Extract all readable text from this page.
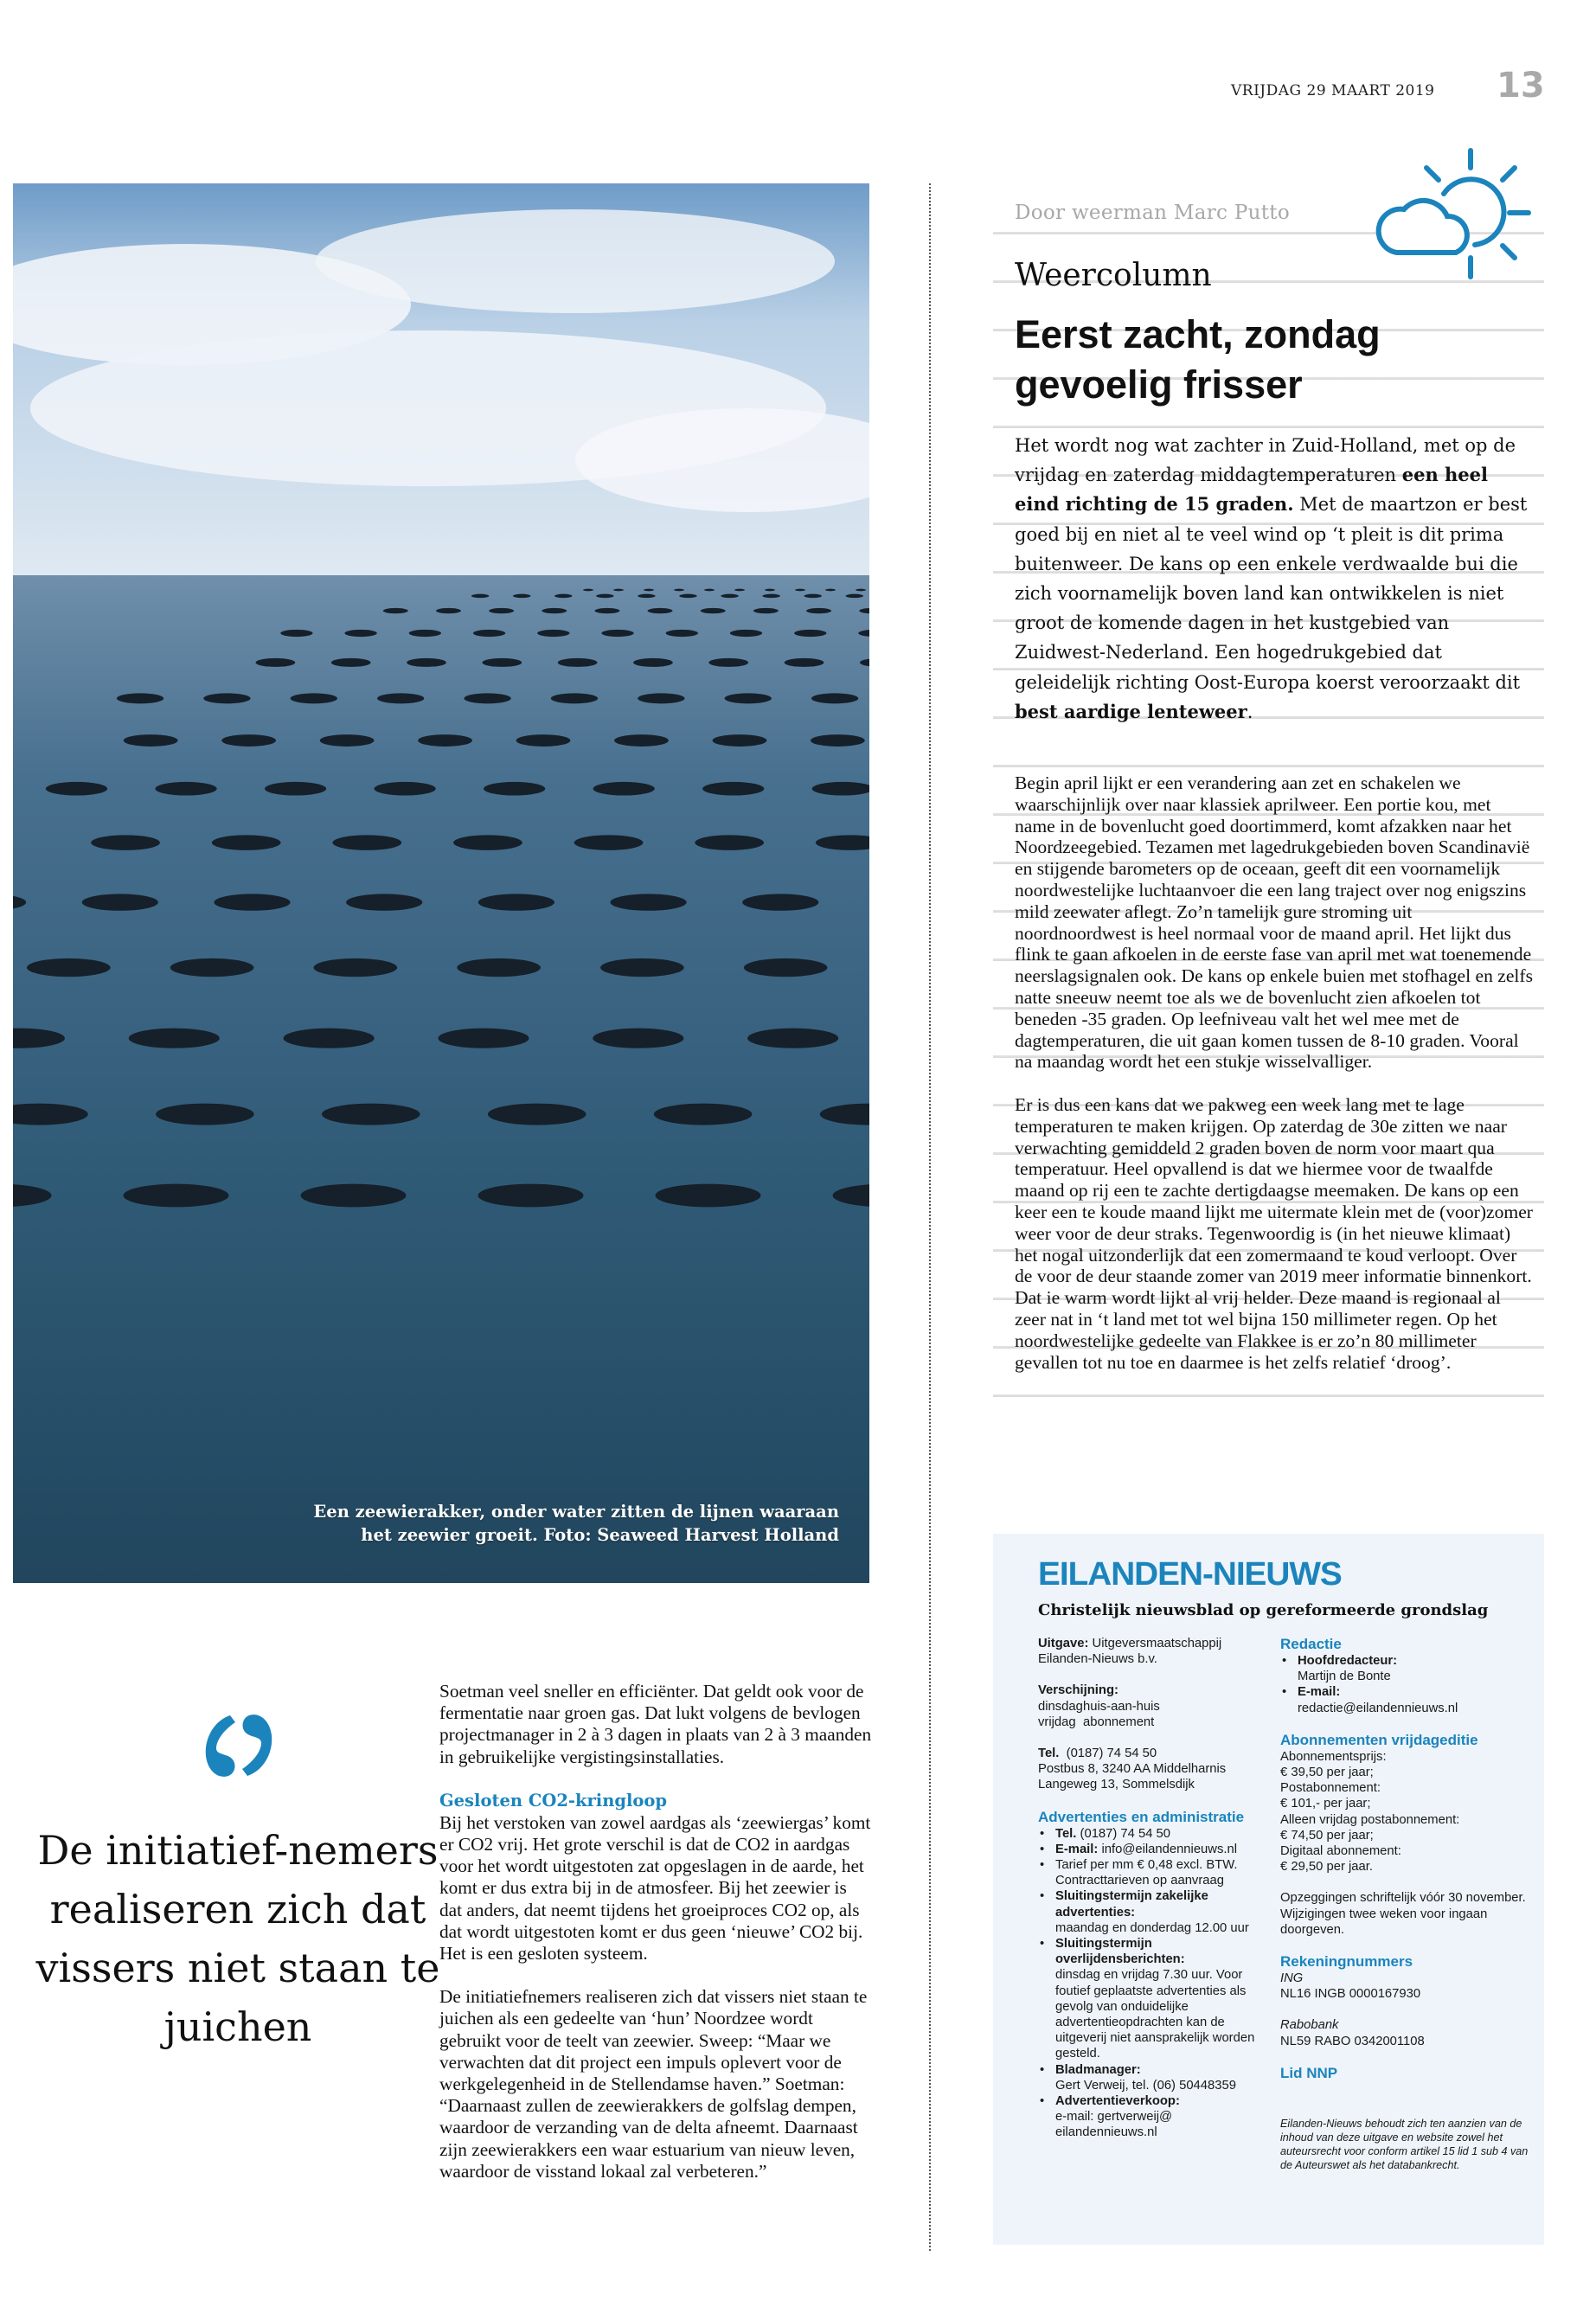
VRIJDAG 29 MAART 2019 13
Een zeewierakker, onder water zitten de lijnen waaraan
het zeewier groeit. Foto: Seaweed Harvest Holland
Door weerman Marc Putto
Weercolumn
Eerst zacht, zondag gevoelig frisser
Het wordt nog wat zachter in Zuid-Holland, met op de vrijdag en zaterdag middagtemperaturen een heel eind richting de 15 graden. Met de maartzon er best goed bij en niet al te veel wind op ‘t pleit is dit prima buitenweer. De kans op een enkele verdwaalde bui die zich voornamelijk boven land kan ontwikkelen is niet groot de komende dagen in het kustgebied van Zuidwest-Nederland. Een hogedrukgebied dat geleidelijk richting Oost-Europa koerst veroorzaakt dit best aardige lenteweer.
Begin april lijkt er een verandering aan zet en schakelen we waarschijnlijk over naar klassiek aprilweer. Een portie kou, met name in de bovenlucht goed doortimmerd, komt afzakken naar het Noordzeegebied. Tezamen met lagedrukgebieden boven Scandinavië en stijgende barometers op de oceaan, geeft dit een voornamelijk noordwestelijke luchtaanvoer die een lang traject over nog enigszins mild zeewater aflegt. Zo’n tamelijk gure stroming uit noordnoordwest is heel normaal voor de maand april. Het lijkt dus flink te gaan afkoelen in de eerste fase van april met wat toenemende neerslagsignalen ook. De kans op enkele buien met stofhagel en zelfs natte sneeuw neemt toe als we de bovenlucht zien afkoelen tot beneden -35 graden. Op leefniveau valt het wel mee met de dagtemperaturen, die uit gaan komen tussen de 8-10 graden. Vooral na maandag wordt het een stukje wisselvalliger.
Er is dus een kans dat we pakweg een week lang met te lage temperaturen te maken krijgen. Op zaterdag de 30e zitten we naar verwachting gemiddeld 2 graden boven de norm voor maart qua temperatuur. Heel opvallend is dat we hiermee voor de twaalfde maand op rij een te zachte dertigdaagse meemaken. De kans op een keer een te koude maand lijkt me uitermate klein met de (voor)zomer weer voor de deur straks. Tegenwoordig is (in het nieuwe klimaat) het nogal uitzonderlijk dat een zomermaand te koud verloopt. Over de voor de deur staande zomer van 2019 meer informatie binnenkort. Dat ie warm wordt lijkt al vrij helder. Deze maand is regionaal al zeer nat in ‘t land met tot wel bijna 150 millimeter regen. Op het noordwestelijke gedeelte van Flakkee is er zo’n 80 millimeter gevallen tot nu toe en daarmee is het zelfs relatief ‘droog’.
EILANDEN-NIEUWS
Christelijk nieuwsblad op gereformeerde grondslag
Uitgave: Uitgeversmaatschappij Eilanden-Nieuws b.v.
Verschijning:
dinsdaghuis-aan-huis
vrijdag abonnement
Tel. (0187) 74 54 50
Postbus 8, 3240 AA Middelharnis
Langeweg 13, Sommelsdijk
Advertenties en administratie
• Tel. (0187) 74 54 50
• E-mail: info@eilandennieuws.nl
• Tarief per mm € 0,48 excl. BTW. Contracttarieven op aanvraag
• Sluitingstermijn zakelijke advertenties:
maandag en donderdag 12.00 uur
• Sluitingstermijn overlijdensberichten:
dinsdag en vrijdag 7.30 uur. Voor foutief geplaatste advertenties als gevolg van onduidelijke advertentieopdrachten kan de uitgeverij niet aansprakelijk worden gesteld.
• Bladmanager:
Gert Verweij, tel. (06) 50448359
• Advertentieverkoop:
e-mail: gertverweij@ eilandennieuws.nl
Redactie
• Hoofdredacteur:
Martijn de Bonte
• E-mail:
redactie@eilandennieuws.nl
Abonnementen vrijdageditie
Abonnementsprijs:
€ 39,50 per jaar;
Postabonnement:
€ 101,- per jaar;
Alleen vrijdag postabonnement:
€ 74,50 per jaar;
Digitaal abonnement:
€ 29,50 per jaar.
Opzeggingen schriftelijk vóór 30 november.
Wijzigingen twee weken voor ingaan doorgeven.
Rekeningnummers
ING
NL16 INGB 0000167930
Rabobank
NL59 RABO 0342001108
Lid NNP
Eilanden-Nieuws behoudt zich ten aanzien van de inhoud van deze uitgave en website zowel het auteursrecht voor conform artikel 15 lid 1 sub 4 van de Auteurswet als het databankrecht.
De initiatief-nemers realiseren zich dat vissers niet staan te juichen

Soetman veel sneller en efficiënter. Dat geldt ook voor de fermentatie naar groen gas. Dat lukt volgens de bevlogen projectmanager in 2 à 3 dagen in plaats van 2 à 3 maanden in gebruikelijke vergistingsinstallaties.

Gesloten CO2-kringloop

Bij het verstoken van zowel aardgas als ‘zeewiergas’ komt er CO2 vrij. Het grote verschil is dat de CO2 in aardgas voor het wordt uitgestoten zat opgeslagen in de aarde, het komt er dus extra bij in de atmosfeer. Bij het zeewier is dat anders, dat neemt tijdens het groeiproces CO2 op, als dat wordt uitgestoten komt er dus geen ‘nieuwe’ CO2 bij. Het is een gesloten systeem.

De initiatiefnemers realiseren zich dat vissers niet staan te juichen als een gedeelte van ‘hun’ Noordzee wordt gebruikt voor de teelt van zeewier. Sweep: “Maar we verwachten dat dit project een impuls oplevert voor de werkgelegenheid in de Stellendamse haven.” Soetman: “Daarnaast zullen de zeewierakkers de golfslag dempen, waardoor de verzanding van de delta afneemt. Daarnaast zijn zeewierakkers een waar estuarium van nieuw leven, waardoor de visstand lokaal zal verbeteren.”
